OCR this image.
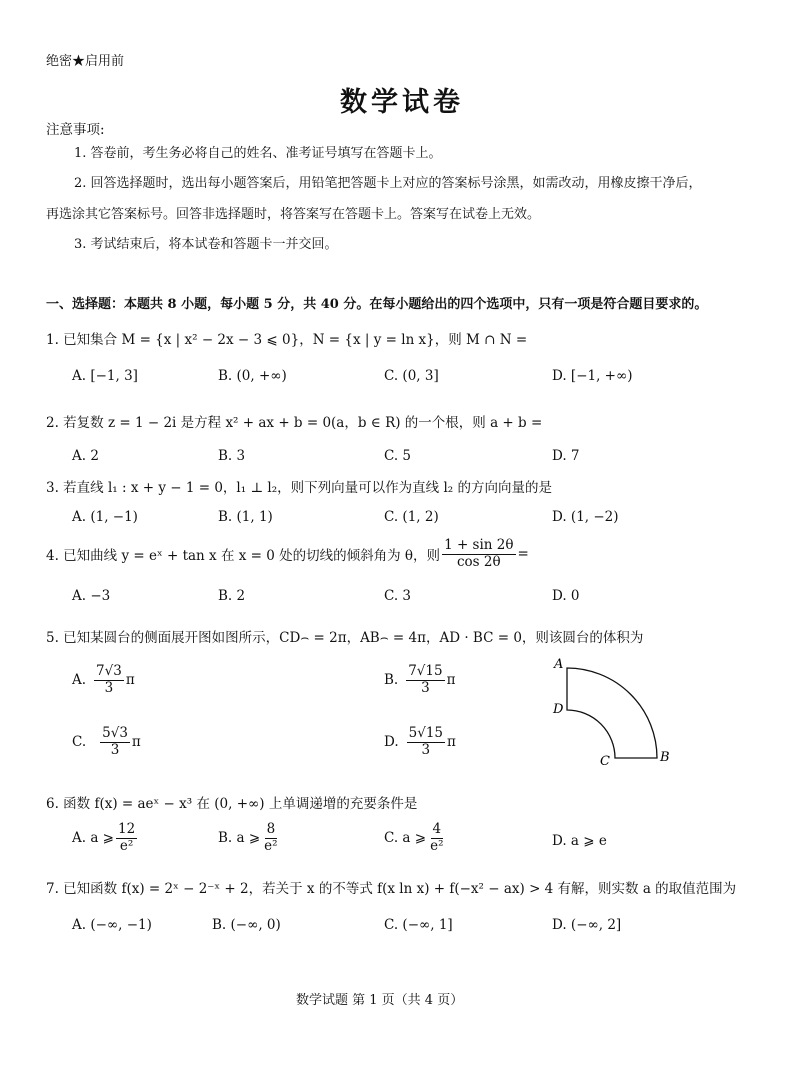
绝密★启用前
数学试卷
注意事项:
1. 答卷前，考生务必将自己的姓名、准考证号填写在答题卡上。
2. 回答选择题时，选出每小题答案后，用铅笔把答题卡上对应的答案标号涂黑，如需改动，用橡皮擦干净后，
再选涂其它答案标号。回答非选择题时，将答案写在答题卡上。答案写在试卷上无效。
3. 考试结束后，将本试卷和答题卡一并交回。
一、选择题：本题共 8 小题，每小题 5 分，共 40 分。在每小题给出的四个选项中，只有一项是符合题目要求的。
1. 已知集合 M = {x | x² − 2x − 3 ⩽ 0}，N = {x | y = ln x}，则 M ∩ N =
A. [−1, 3]	B. (0, +∞)	C. (0, 3]	D. [−1, +∞)
2. 若复数 z = 1 − 2i 是方程 x² + ax + b = 0(a，b ∈ R) 的一个根，则 a + b =
A. 2	B. 3	C. 5	D. 7
3. 若直线 l₁ : x + y − 1 = 0，l₁ ⊥ l₂，则下列向量可以作为直线 l₂ 的方向向量的是
A. (1, −1)	B. (1, 1)	C. (1, 2)	D. (1, −2)
4. 已知曲线 y = eˣ + tan x 在 x = 0 处的切线的倾斜角为 θ，则 $\frac{1 + \sin 2\theta}{\cos 2\theta}$ =
A. −3	B. 2	C. 3	D. 0
5. 已知某圆台的侧面展开图如图所示，CD⌢ = 2π，AB⌢ = 4π，AD · BC = 0，则该圆台的体积为
A. $\frac{7√3}{3}$ π	B. $\frac{7√15}{3}$ π
C. $\frac{5√3}{3}$ π	D. $\frac{5√15}{3}$ π
A
D
C	B
6. 函数 f(x) = aeˣ − x³ 在 (0, +∞) 上单调递增的充要条件是
A. a ⩾ $\frac{12}{\text{e²}}$	B. a ⩾ $\frac{8}{\text{e²}}$	C. a ⩾ $\frac{4}{\text{e²}}$	D. a ⩾ e
7. 已知函数 f(x) = 2ˣ − 2⁻ˣ + 2，若关于 x 的不等式 f(x ln x) + f(−x² − ax) > 4 有解，则实数 a 的取值范围为
A. (−∞, −1)	B. (−∞, 0)	C. (−∞, 1]	D. (−∞, 2]
数学试题 第 1 页（共 4 页）
